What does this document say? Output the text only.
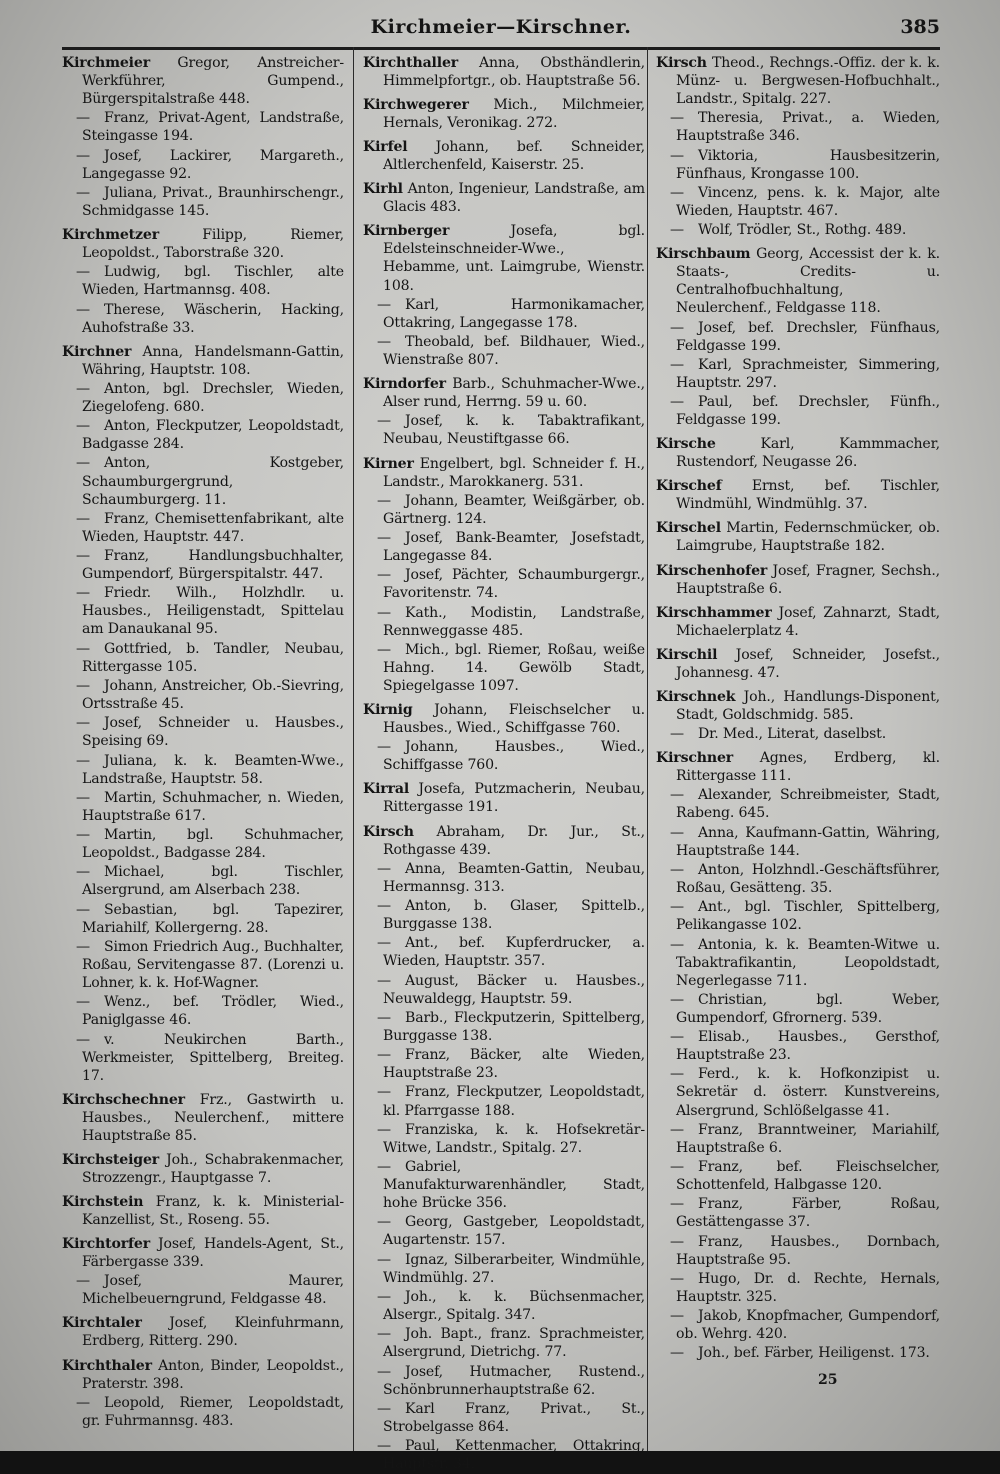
Kirchmeier—Kirschner.	385
Kirchmeier Gregor, Anstreicher-Werkführer, Gumpend., Bürgerspitalstraße 448.
— Franz, Privat-Agent, Landstraße, Steingasse 194.
— Josef, Lackirer, Margareth., Langegasse 92.
— Juliana, Privat., Braunhirschengr., Schmidgasse 145.
Kirchmetzer	Filipp, Riemer, Leopoldst., Taborstraße 320.
— Ludwig, bgl. Tischler, alte Wieden, Hartmannsg. 408.
— Therese, Wäscherin, Hacking, Auhofstraße 33.
Kirchner Anna, Handelsmann-Gattin, Währing, Hauptstr. 108.
— Anton, bgl. Drechsler, Wieden, Ziegelofeng. 680.
— Anton, Fleckputzer, Leopoldstadt, Badgasse 284.
— Anton, Kostgeber, Schaumburgergrund, Schaumburgerg. 11.
— Franz, Chemisettenfabrikant, alte Wieden, Hauptstr. 447.
— Franz, Handlungsbuchhalter, Gumpendorf, Bürgerspitalstr. 447.
— Friedr. Wilh., Holzhdlr. u. Hausbes., Heiligenstadt, Spittelau am Danaukanal 95.
— Gottfried, b. Tandler, Neubau, Rittergasse 105.
— Johann, Anstreicher, Ob.-Sievring, Ortsstraße 45.
— Josef, Schneider u. Hausbes., Speising 69.
— Juliana, k. k. Beamten-Wwe., Landstraße, Hauptstr. 58.
— Martin, Schuhmacher, n. Wieden, Hauptstraße 617.
— Martin, bgl. Schuhmacher, Leopoldst., Badgasse 284.
— Michael, bgl. Tischler, Alsergrund, am Alserbach 238.
— Sebastian, bgl. Tapezirer, Mariahilf, Kollergerng. 28.
— Simon Friedrich Aug., Buchhalter, Roßau, Servitengasse 87. (Lorenzi u. Lohner, k. k. Hof-Wagner.
— Wenz., bef. Trödler, Wied., Paniglgasse 46.
— v. Neukirchen Barth., Werkmeister, Spittelberg, Breiteg. 17.
Kirchschechner Frz., Gastwirth u. Hausbes., Neulerchenf., mittere Hauptstraße 85.
Kirchsteiger Joh., Schabrakenmacher, Strozzengr., Hauptgasse 7.
Kirchstein Franz, k. k. Ministerial-Kanzellist, St., Roseng. 55.
Kirchtorfer Josef, Handels-Agent, St., Färbergasse 339.
— Josef, Maurer, Michelbeuerngrund, Feldgasse 48.
Kirchtaler Josef, Kleinfuhrmann, Erdberg, Ritterg. 290.
Kirchthaler Anton, Binder, Leopoldst., Praterstr. 398.
— Leopold, Riemer, Leopoldstadt, gr. Fuhrmannsg. 483.
Kirchthaller Anna, Obsthändlerin, Himmelpfortgr., ob. Hauptstraße 56.
Kirchwegerer Mich., Milchmeier, Hernals, Veronikag. 272.
Kirfel Johann, bef. Schneider, Altlerchenfeld, Kaiserstr. 25.
Kirhl Anton, Ingenieur, Landstraße, am Glacis 483.
Kirnberger	Josefa, bgl. Edelsteinschneider-Wwe., Hebamme, unt. Laimgrube, Wienstr. 108.
— Karl, Harmonikamacher, Ottakring, Langegasse 178.
— Theobald, bef. Bildhauer, Wied., Wienstraße 807.
Kirndorfer Barb., Schuhmacher-Wwe., Alser rund, Herrng. 59 u. 60.
— Josef, k. k. Tabaktrafikant, Neubau, Neustiftgasse 66.
Kirner Engelbert, bgl. Schneider f. H., Landstr., Marokkanerg. 531.
— Johann, Beamter, Weißgärber, ob. Gärtnerg. 124.
— Josef, Bank-Beamter, Josefstadt, Langegasse 84.
— Josef, Pächter, Schaumburgergr., Favoritenstr. 74.
— Kath., Modistin, Landstraße, Rennweggasse 485.
— Mich., bgl. Riemer, Roßau, weiße Hahng. 14. Gewölb Stadt, Spiegelgasse 1097.
Kirnig Johann, Fleischselcher u. Hausbes., Wied., Schiffgasse 760.
— Johann, Hausbes., Wied., Schiffgasse 760.
Kirral Josefa, Putzmacherin, Neubau, Rittergasse 191.
Kirsch Abraham, Dr. Jur., St., Rothgasse 439.
— Anna, Beamten-Gattin, Neubau, Hermannsg. 313.
— Anton, b. Glaser, Spittelb., Burggasse 138.
— Ant., bef. Kupferdrucker, a. Wieden, Hauptstr. 357.
— August, Bäcker u. Hausbes., Neuwaldegg, Hauptstr. 59.
— Barb., Fleckputzerin, Spittelberg, Burggasse 138.
— Franz, Bäcker, alte Wieden, Hauptstraße 23.
— Franz, Fleckputzer, Leopoldstadt, kl. Pfarrgasse 188.
— Franziska, k. k. Hofsekretär-Witwe, Landstr., Spitalg. 27.
— Gabriel, Manufakturwarenhändler, Stadt, hohe Brücke 356.
— Georg, Gastgeber, Leopoldstadt, Augartenstr. 157.
— Ignaz, Silberarbeiter, Windmühle, Windmühlg. 27.
— Joh., k. k. Büchsenmacher, Alsergr., Spitalg. 347.
— Joh. Bapt., franz. Sprachmeister, Alsergrund, Dietrichg. 77.
— Josef, Hutmacher, Rustend., Schönbrunnerhauptstraße 62.
— Karl Franz, Privat., St., Strobelgasse 864.
— Paul, Kettenmacher, Ottakring, Hauptstr. 34.
Kirsch Theod., Rechngs.-Offiz. der k. k. Münz- u. Bergwesen-Hofbuchhalt., Landstr., Spitalg. 227.
— Theresia, Privat., a. Wieden, Hauptstraße 346.
— Viktoria, Hausbesitzerin, Fünfhaus, Krongasse 100.
— Vincenz, pens. k. k. Major, alte Wieden, Hauptstr. 467.
— Wolf, Trödler, St., Rothg. 489.
Kirschbaum Georg, Accessist der k. k. Staats-, Credits- u. Centralhofbuchhaltung, Neulerchenf., Feldgasse 118.
— Josef, bef. Drechsler, Fünfhaus, Feldgasse 199.
— Karl, Sprachmeister, Simmering, Hauptstr. 297.
— Paul, bef. Drechsler, Fünfh., Feldgasse 199.
Kirsche	Karl, Kammmacher, Rustendorf, Neugasse 26.
Kirschef Ernst, bef. Tischler, Windmühl, Windmühlg. 37.
Kirschel Martin, Federnschmücker, ob. Laimgrube, Hauptstraße 182.
Kirschenhofer Josef, Fragner, Sechsh., Hauptstraße 6.
Kirschhammer Josef, Zahnarzt, Stadt, Michaelerplatz 4.
Kirschil Josef, Schneider, Josefst., Johannesg. 47.
Kirschnek Joh., Handlungs-Disponent, Stadt, Goldschmidg. 585.
— Dr. Med., Literat, daselbst.
Kirschner Agnes, Erdberg, kl. Rittergasse 111.
— Alexander, Schreibmeister, Stadt, Rabeng. 645.
— Anna, Kaufmann-Gattin, Währing, Hauptstraße 144.
— Anton, Holzhndl.-Geschäftsführer, Roßau, Gesätteng. 35.
— Ant., bgl. Tischler, Spittelberg, Pelikangasse 102.
— Antonia, k. k. Beamten-Witwe u. Tabaktrafikantin, Leopoldstadt, Negerlegasse 711.
— Christian, bgl. Weber, Gumpendorf, Gfrornerg. 539.
— Elisab., Hausbes., Gersthof, Hauptstraße 23.
— Ferd., k. k. Hofkonzipist u. Sekretär d. österr. Kunstvereins, Alsergrund, Schlößelgasse 41.
— Franz, Branntweiner, Mariahilf, Hauptstraße 6.
— Franz, bef. Fleischselcher, Schottenfeld, Halbgasse 120.
— Franz, Färber, Roßau, Gestättengasse 37.
— Franz, Hausbes., Dornbach, Hauptstraße 95.
— Hugo, Dr. d. Rechte, Hernals, Hauptstr. 325.
— Jakob, Knopfmacher, Gumpendorf, ob. Wehrg. 420.
— Joh., bef. Färber, Heiligenst. 173.
25
